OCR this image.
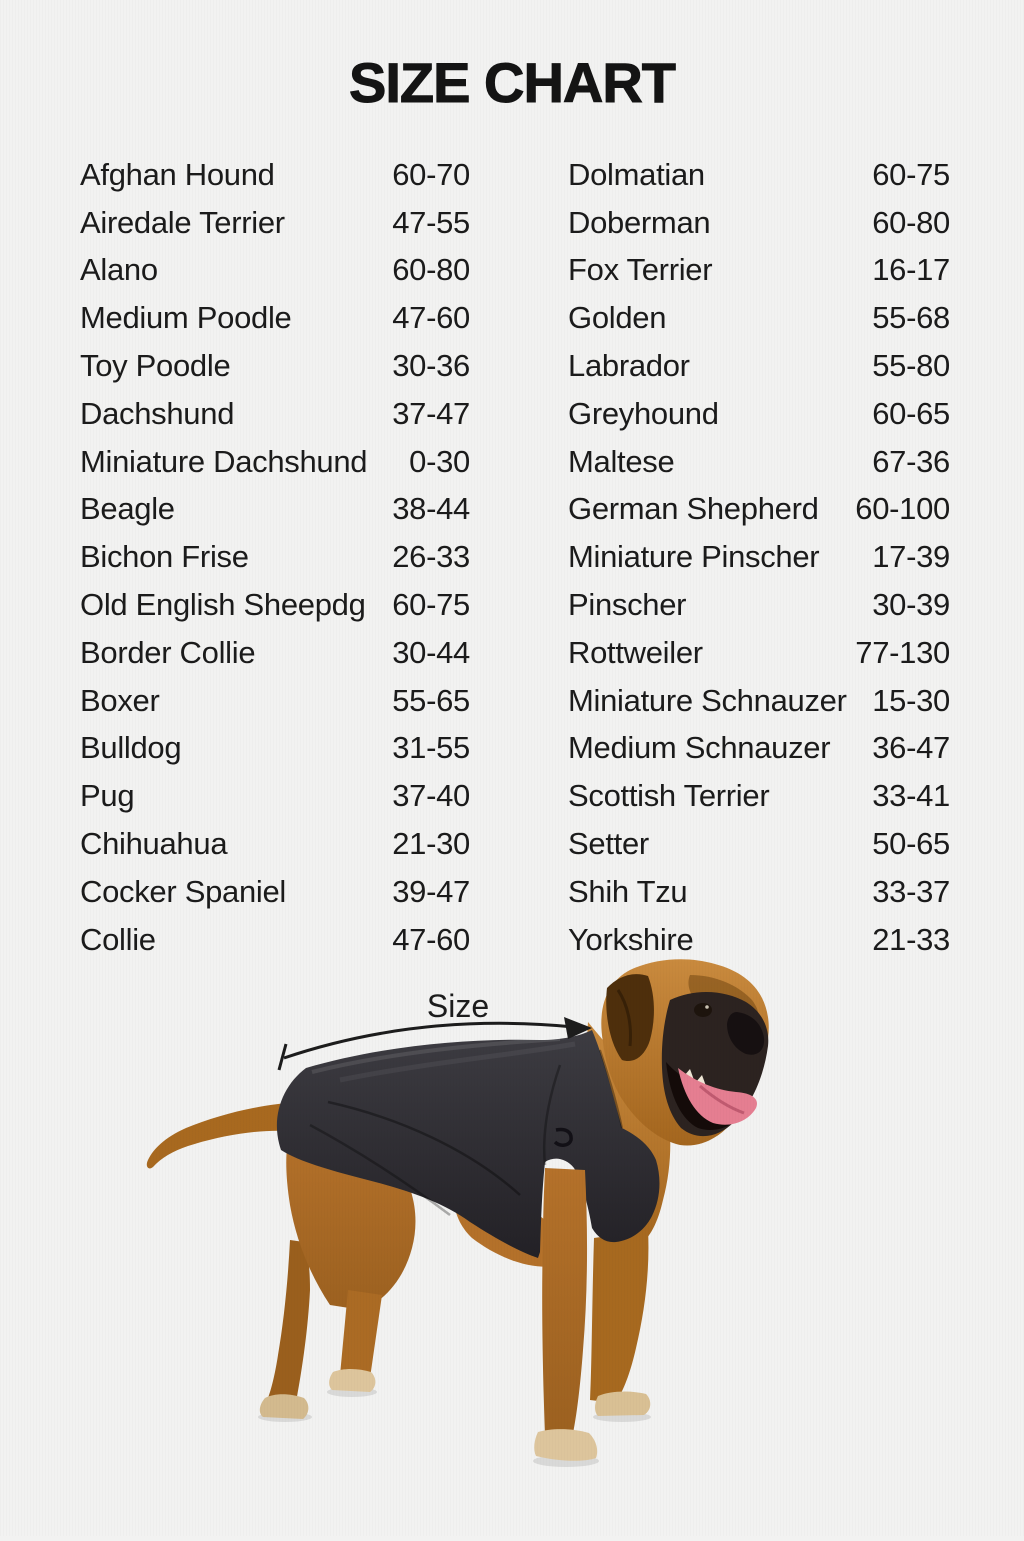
SIZE CHART
Afghan Hound	60-70
Airedale Terrier	47-55
Alano	60-80
Medium Poodle	47-60
Toy Poodle	30-36
Dachshund	37-47
Miniature Dachshund 0-30
Beagle	38-44
Bichon Frise	26-33
Old English Sheepdg 60-75
Border Collie	30-44
Boxer	55-65
Bulldog	31-55
Pug	37-40
Chihuahua	21-30
Cocker Spaniel	39-47
Collie	47-60
Dolmatian	60-75
Doberman	60-80
Fox Terrier	16-17
Golden	55-68
Labrador	55-80
Greyhound	60-65
Maltese	67-36
German Shepherd 60-100
Miniature Pinscher 17-39
Pinscher	30-39
Rottweiler	77-130
Miniature Schnauzer 15-30
Medium Schnauzer 36-47
Scottish Terrier	33-41
Setter	50-65
Shih Tzu	33-37
Yorkshire	21-33
Size
